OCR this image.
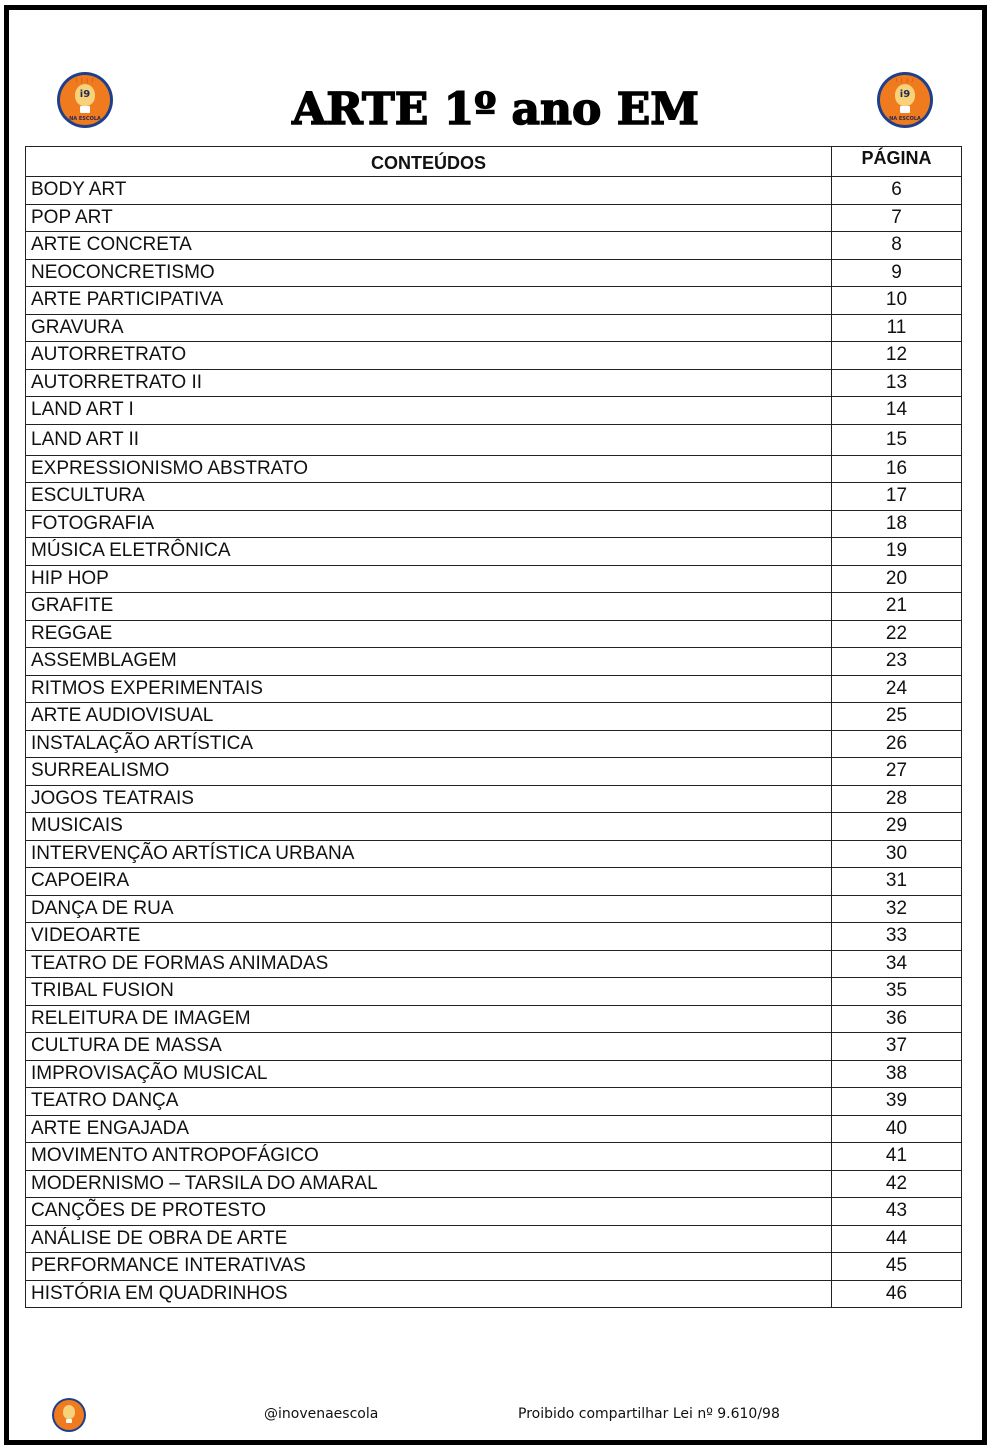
\ | | /
i9
NA ESCOLA
\ | | /
i9
NA ESCOLA
ARTE 1º ano EM
CONTEÚDOS	PÁGINA
BODY ART	6
POP ART	7
ARTE CONCRETA	8
NEOCONCRETISMO	9
ARTE PARTICIPATIVA	10
GRAVURA	11
AUTORRETRATO	12
AUTORRETRATO II	13
LAND ART I	14
LAND ART II	15
EXPRESSIONISMO ABSTRATO	16
ESCULTURA	17
FOTOGRAFIA	18
MÚSICA ELETRÔNICA	19
HIP HOP	20
GRAFITE	21
REGGAE	22
ASSEMBLAGEM	23
RITMOS EXPERIMENTAIS	24
ARTE AUDIOVISUAL	25
INSTALAÇÃO ARTÍSTICA	26
SURREALISMO	27
JOGOS TEATRAIS	28
MUSICAIS	29
INTERVENÇÃO ARTÍSTICA URBANA	30
CAPOEIRA	31
DANÇA DE RUA	32
VIDEOARTE	33
TEATRO DE FORMAS ANIMADAS	34
TRIBAL FUSION	35
RELEITURA DE IMAGEM	36
CULTURA DE MASSA	37
IMPROVISAÇÃO MUSICAL	38
TEATRO DANÇA	39
ARTE ENGAJADA	40
MOVIMENTO ANTROPOFÁGICO	41
MODERNISMO – TARSILA DO AMARAL	42
CANÇÕES DE PROTESTO	43
ANÁLISE DE OBRA DE ARTE	44
PERFORMANCE INTERATIVAS	45
HISTÓRIA EM QUADRINHOS	46
@inovenaescola	Proibido compartilhar Lei nº 9.610/98
